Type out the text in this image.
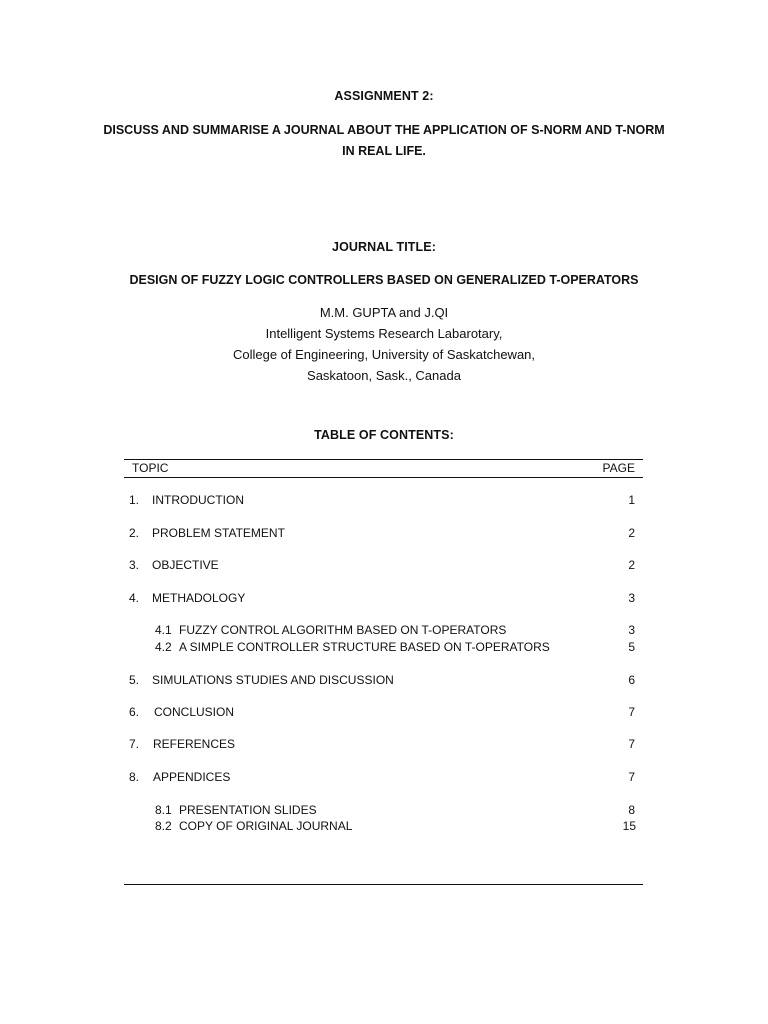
ASSIGNMENT 2:
DISCUSS AND SUMMARISE A JOURNAL ABOUT THE APPLICATION OF S-NORM AND T-NORM
IN REAL LIFE.
JOURNAL TITLE:
DESIGN OF FUZZY LOGIC CONTROLLERS BASED ON GENERALIZED T-OPERATORS
M.M. GUPTA and J.QI
Intelligent Systems Research Labarotary,
College of Engineering, University of Saskatchewan,
Saskatoon, Sask., Canada
TABLE OF CONTENTS:
TOPIC	PAGE
1. INTRODUCTION	1
2. PROBLEM STATEMENT	2
3. OBJECTIVE	2
4. METHADOLOGY	3
4.1 FUZZY CONTROL ALGORITHM BASED ON T-OPERATORS	3
4.2 A SIMPLE CONTROLLER STRUCTURE BASED ON T-OPERATORS	5
5. SIMULATIONS STUDIES AND DISCUSSION	6
6. CONCLUSION	7
7. REFERENCES	7
8. APPENDICES	7
8.1 PRESENTATION SLIDES	8
8.2 COPY OF ORIGINAL JOURNAL	15
